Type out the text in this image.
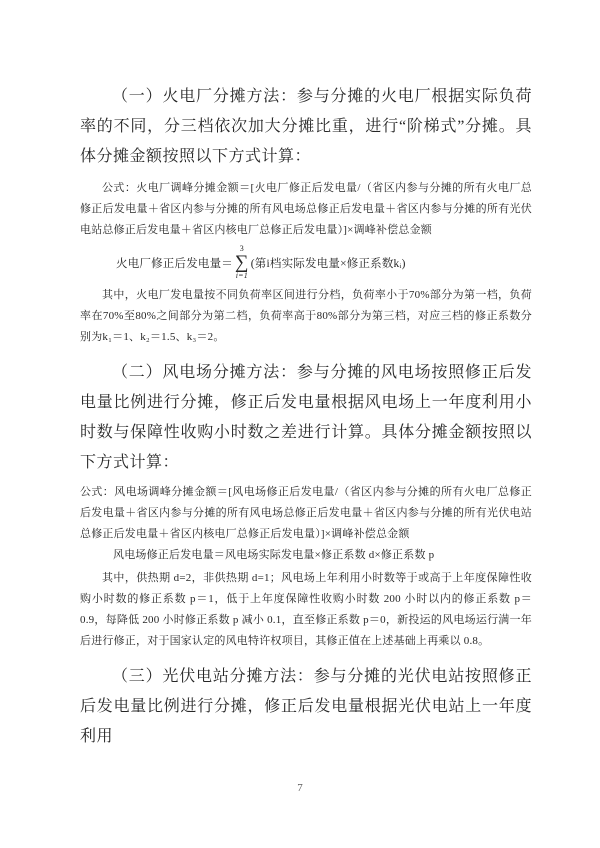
（一）火电厂分摊方法：参与分摊的火电厂根据实际负荷率的不同，分三档依次加大分摊比重，进行“阶梯式”分摊。具体分摊金额按照以下方式计算：

公式：火电厂调峰分摊金额＝[火电厂修正后发电量/（省区内参与分摊的所有火电厂总修正后发电量＋省区内参与分摊的所有风电场总修正后发电量＋省区内参与分摊的所有光伏电站总修正后发电量＋省区内核电厂总修正后发电量）]×调峰补偿总金额

火电厂修正后发电量＝
3
∑
i=1
(第i档实际发电量×修正系数kᵢ)

其中，火电厂发电量按不同负荷率区间进行分档，负荷率小于70%部分为第一档，负荷率在70%至80%之间部分为第二档，负荷率高于80%部分为第三档，对应三档的修正系数分别为k₁＝1、k₂＝1.5、k₃＝2。

（二）风电场分摊方法：参与分摊的风电场按照修正后发电量比例进行分摊，修正后发电量根据风电场上一年度利用小时数与保障性收购小时数之差进行计算。具体分摊金额按照以下方式计算：

公式：风电场调峰分摊金额＝[风电场修正后发电量/（省区内参与分摊的所有火电厂总修正后发电量＋省区内参与分摊的所有风电场总修正后发电量＋省区内参与分摊的所有光伏电站总修正后发电量＋省区内核电厂总修正后发电量）]×调峰补偿总金额

风电场修正后发电量＝风电场实际发电量×修正系数 d×修正系数 p

其中，供热期 d=2，非供热期 d=1；风电场上年利用小时数等于或高于上年度保障性收购小时数的修正系数 p＝1，低于上年度保障性收购小时数 200 小时以内的修正系数 p＝0.9，每降低 200 小时修正系数 p 减小 0.1，直至修正系数 p＝0，新投运的风电场运行满一年后进行修正，对于国家认定的风电特许权项目，其修正值在上述基础上再乘以 0.8。

（三）光伏电站分摊方法：参与分摊的光伏电站按照修正后发电量比例进行分摊，修正后发电量根据光伏电站上一年度利用

7
